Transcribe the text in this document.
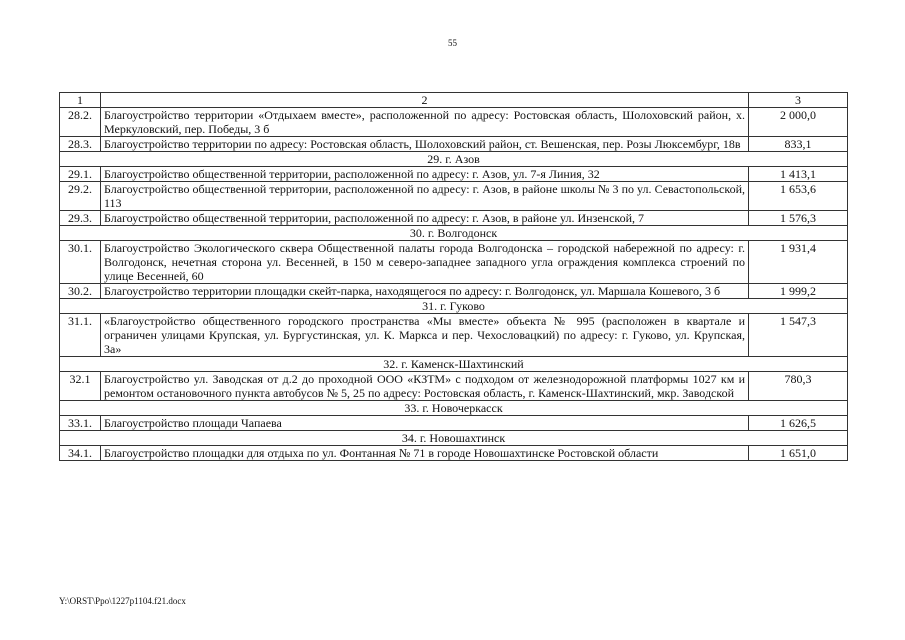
55
1	2	3
28.2.	Благоустройство территории «Отдыхаем вместе», расположенной по адресу: Ростовская область, Шолоховский район, х. Меркуловский, пер. Победы, 3 б	2 000,0
28.3.	Благоустройство территории по адресу: Ростовская область, Шолоховский район, ст. Вешенская, пер. Розы Люксембург, 18в	833,1
29. г. Азов		
29.1.	Благоустройство общественной территории, расположенной по адресу: г. Азов, ул. 7-я Линия, 32	1 413,1
29.2.	Благоустройство общественной территории, расположенной по адресу: г. Азов, в районе школы № 3 по ул. Севастопольской, 113	1 653,6
29.3.	Благоустройство общественной территории, расположенной по адресу: г. Азов, в районе ул. Инзенской, 7	1 576,3
30. г. Волгодонск		
30.1.	Благоустройство Экологического сквера Общественной палаты города Волгодонска – городской набережной по адресу: г. Волгодонск, нечетная сторона ул. Весенней, в 150 м северо-западнее западного угла ограждения комплекса строений по улице Весенней, 60	1 931,4
30.2.	Благоустройство территории площадки скейт-парка, находящегося по адресу: г. Волгодонск, ул. Маршала Кошевого, 3 б	1 999,2
31. г. Гуково		
31.1.	«Благоустройство общественного городского пространства «Мы вместе» объекта № 995 (расположен в квартале и ограничен улицами Крупская, ул. Бургустинская, ул. К. Маркса и пер. Чехословацкий) по адресу: г. Гуково, ул. Крупская, 3а»	1 547,3
32. г. Каменск-Шахтинский		
32.1	Благоустройство ул. Заводская от д.2 до проходной ООО «КЗТМ» с подходом от железнодорожной платформы 1027 км и ремонтом остановочного пункта автобусов № 5, 25 по адресу: Ростовская область, г. Каменск-Шахтинский, мкр. Заводской	780,3
33. г. Новочеркасск		
33.1.	Благоустройство площади Чапаева	1 626,5
34. г. Новошахтинск		
34.1.	Благоустройство площадки для отдыха по ул. Фонтанная № 71 в городе Новошахтинске Ростовской области	1 651,0
Y:\ORST\Ppo\1227p1104.f21.docx
